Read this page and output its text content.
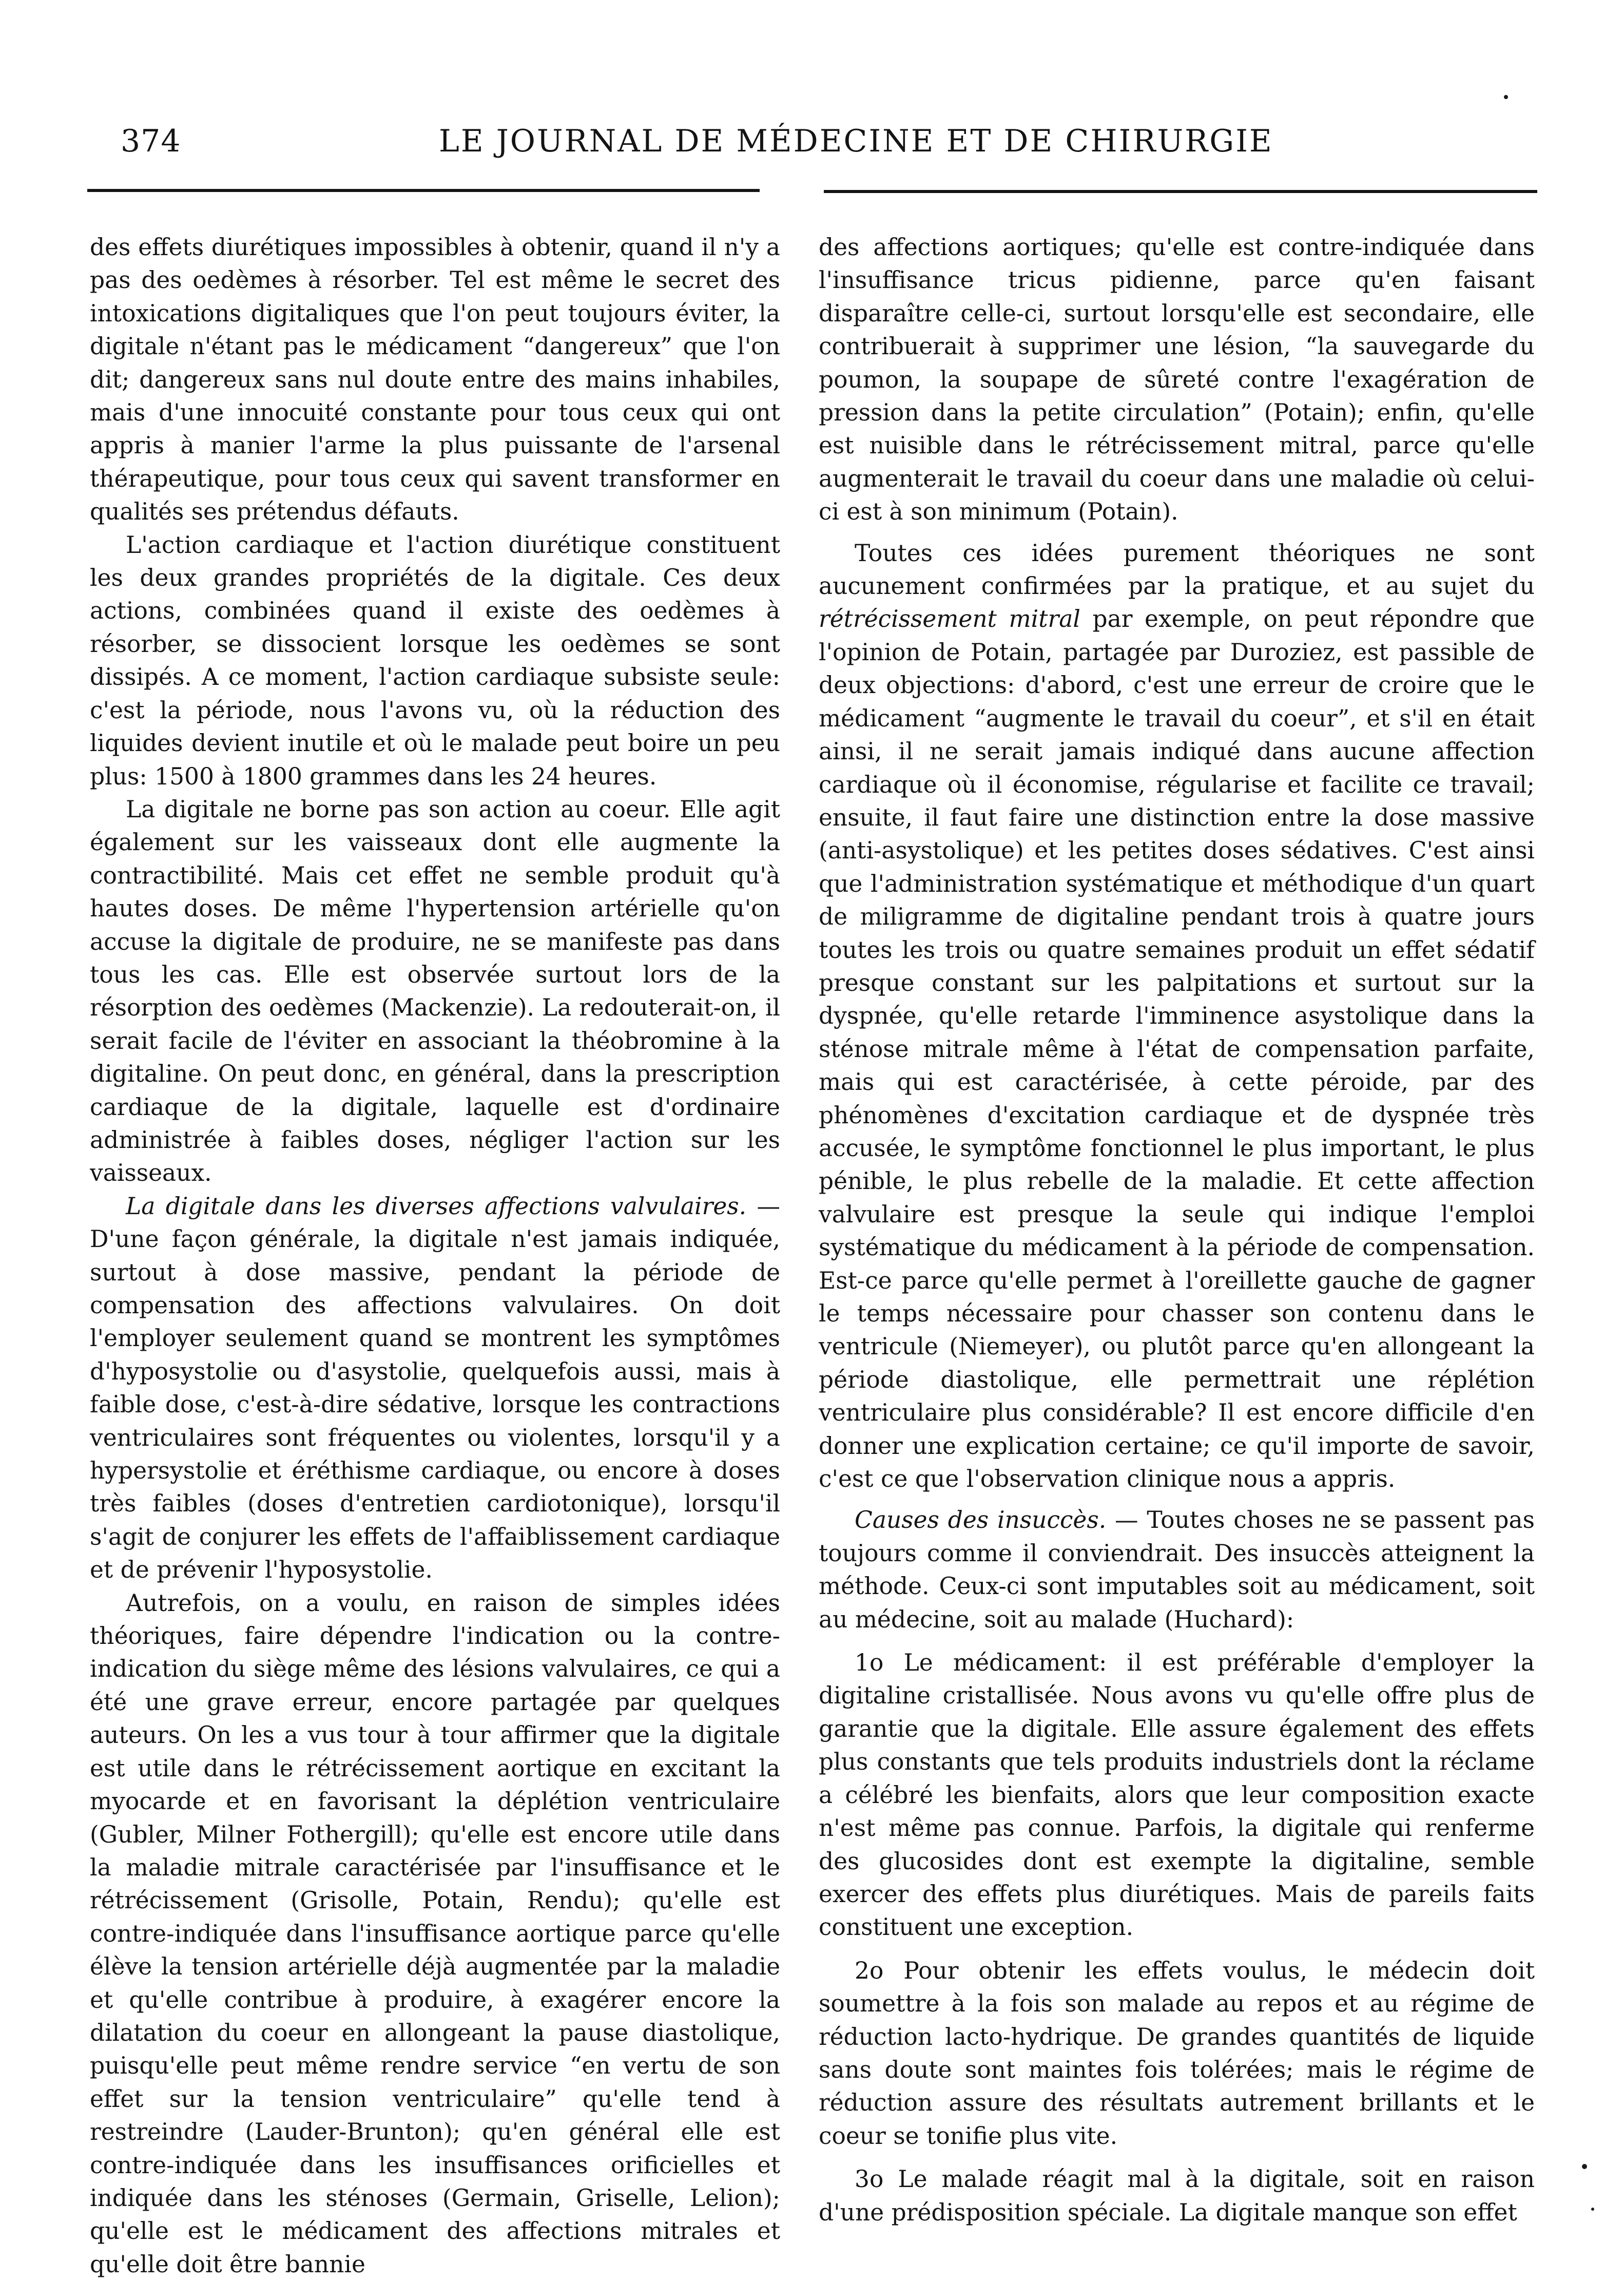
374	LE JOURNAL DE MÉDECINE ET DE CHIRURGIE

des effets diurétiques impossibles à obtenir, quand il n'y a pas des oedèmes à résorber. Tel est même le secret des intoxications digitaliques que l'on peut toujours éviter, la digitale n'étant pas le médicament “dangereux” que l'on dit; dangereux sans nul doute entre des mains inhabiles, mais d'une innocuité constante pour tous ceux qui ont appris à manier l'arme la plus puissante de l'arsenal thérapeutique, pour tous ceux qui savent transformer en qualités ses prétendus défauts.

L'action cardiaque et l'action diurétique constituent les deux grandes propriétés de la digitale. Ces deux actions, combinées quand il existe des oedèmes à résorber, se dissocient lorsque les oedèmes se sont dissipés. A ce moment, l'action cardiaque subsiste seule: c'est la période, nous l'avons vu, où la réduction des liquides devient inutile et où le malade peut boire un peu plus: 1500 à 1800 grammes dans les 24 heures.

La digitale ne borne pas son action au coeur. Elle agit également sur les vaisseaux dont elle augmente la contractibilité. Mais cet effet ne semble produit qu'à hautes doses. De même l'hypertension artérielle qu'on accuse la digitale de produire, ne se manifeste pas dans tous les cas. Elle est observée surtout lors de la résorption des oedèmes (Mackenzie). La redouterait-on, il serait facile de l'éviter en associant la théobromine à la digitaline. On peut donc, en général, dans la prescription cardiaque de la digitale, laquelle est d'ordinaire administrée à faibles doses, négliger l'action sur les vaisseaux.

La digitale dans les diverses affections valvulaires. — D'une façon générale, la digitale n'est jamais indiquée, surtout à dose massive, pendant la période de compensation des affections valvulaires. On doit l'employer seulement quand se montrent les symptômes d'hyposystolie ou d'asystolie, quelquefois aussi, mais à faible dose, c'est-à-dire sédative, lorsque les contractions ventriculaires sont fréquentes ou violentes, lorsqu'il y a hypersystolie et éréthisme cardiaque, ou encore à doses très faibles (doses d'entretien cardiotonique), lorsqu'il s'agit de conjurer les effets de l'affaiblissement cardiaque et de prévenir l'hyposystolie.

Autrefois, on a voulu, en raison de simples idées théoriques, faire dépendre l'indication ou la contre-indication du siège même des lésions valvulaires, ce qui a été une grave erreur, encore partagée par quelques auteurs. On les a vus tour à tour affirmer que la digitale est utile dans le rétrécissement aortique en excitant la myocarde et en favorisant la déplétion ventriculaire (Gubler, Milner Fothergill); qu'elle est encore utile dans la maladie mitrale caractérisée par l'insuffisance et le rétrécissement (Grisolle, Potain, Rendu); qu'elle est contre-indiquée dans l'insuffisance aortique parce qu'elle élève la tension artérielle déjà augmentée par la maladie et qu'elle contribue à produire, à exagérer encore la dilatation du coeur en allongeant la pause diastolique, puisqu'elle peut même rendre service “en vertu de son effet sur la tension ventriculaire” qu'elle tend à restreindre (Lauder-Brunton); qu'en général elle est contre-indiquée dans les insuffisances orificielles et indiquée dans les sténoses (Germain, Griselle, Lelion); qu'elle est le médicament des affections mitrales et qu'elle doit être bannie

des affections aortiques; qu'elle est contre-indiquée dans l'insuffisance tricus pidienne, parce qu'en faisant disparaître celle-ci, surtout lorsqu'elle est secondaire, elle contribuerait à supprimer une lésion, “la sauvegarde du poumon, la soupape de sûreté contre l'exagération de pression dans la petite circulation” (Potain); enfin, qu'elle est nuisible dans le rétrécissement mitral, parce qu'elle augmenterait le travail du coeur dans une maladie où celui-ci est à son minimum (Potain).

Toutes ces idées purement théoriques ne sont aucunement confirmées par la pratique, et au sujet du rétrécissement mitral par exemple, on peut répondre que l'opinion de Potain, partagée par Duroziez, est passible de deux objections: d'abord, c'est une erreur de croire que le médicament “augmente le travail du coeur”, et s'il en était ainsi, il ne serait jamais indiqué dans aucune affection cardiaque où il économise, régularise et facilite ce travail; ensuite, il faut faire une distinction entre la dose massive (anti-asystolique) et les petites doses sédatives. C'est ainsi que l'administration systématique et méthodique d'un quart de miligramme de digitaline pendant trois à quatre jours toutes les trois ou quatre semaines produit un effet sédatif presque constant sur les palpitations et surtout sur la dyspnée, qu'elle retarde l'imminence asystolique dans la sténose mitrale même à l'état de compensation parfaite, mais qui est caractérisée, à cette péroide, par des phénomènes d'excitation cardiaque et de dyspnée très accusée, le symptôme fonctionnel le plus important, le plus pénible, le plus rebelle de la maladie. Et cette affection valvulaire est presque la seule qui indique l'emploi systématique du médicament à la période de compensation. Est-ce parce qu'elle permet à l'oreillette gauche de gagner le temps nécessaire pour chasser son contenu dans le ventricule (Niemeyer), ou plutôt parce qu'en allongeant la période diastolique, elle permettrait une réplétion ventriculaire plus considérable? Il est encore difficile d'en donner une explication certaine; ce qu'il importe de savoir, c'est ce que l'observation clinique nous a appris.

Causes des insuccès. — Toutes choses ne se passent pas toujours comme il conviendrait. Des insuccès atteignent la méthode. Ceux-ci sont imputables soit au médicament, soit au médecine, soit au malade (Huchard):

1o Le médicament: il est préférable d'employer la digitaline cristallisée. Nous avons vu qu'elle offre plus de garantie que la digitale. Elle assure également des effets plus constants que tels produits industriels dont la réclame a célébré les bienfaits, alors que leur composition exacte n'est même pas connue. Parfois, la digitale qui renferme des glucosides dont est exempte la digitaline, semble exercer des effets plus diurétiques. Mais de pareils faits constituent une exception.

2o Pour obtenir les effets voulus, le médecin doit soumettre à la fois son malade au repos et au régime de réduction lacto-hydrique. De grandes quantités de liquide sans doute sont maintes fois tolérées; mais le régime de réduction assure des résultats autrement brillants et le coeur se tonifie plus vite.

3o Le malade réagit mal à la digitale, soit en raison d'une prédisposition spéciale. La digitale manque son effet
